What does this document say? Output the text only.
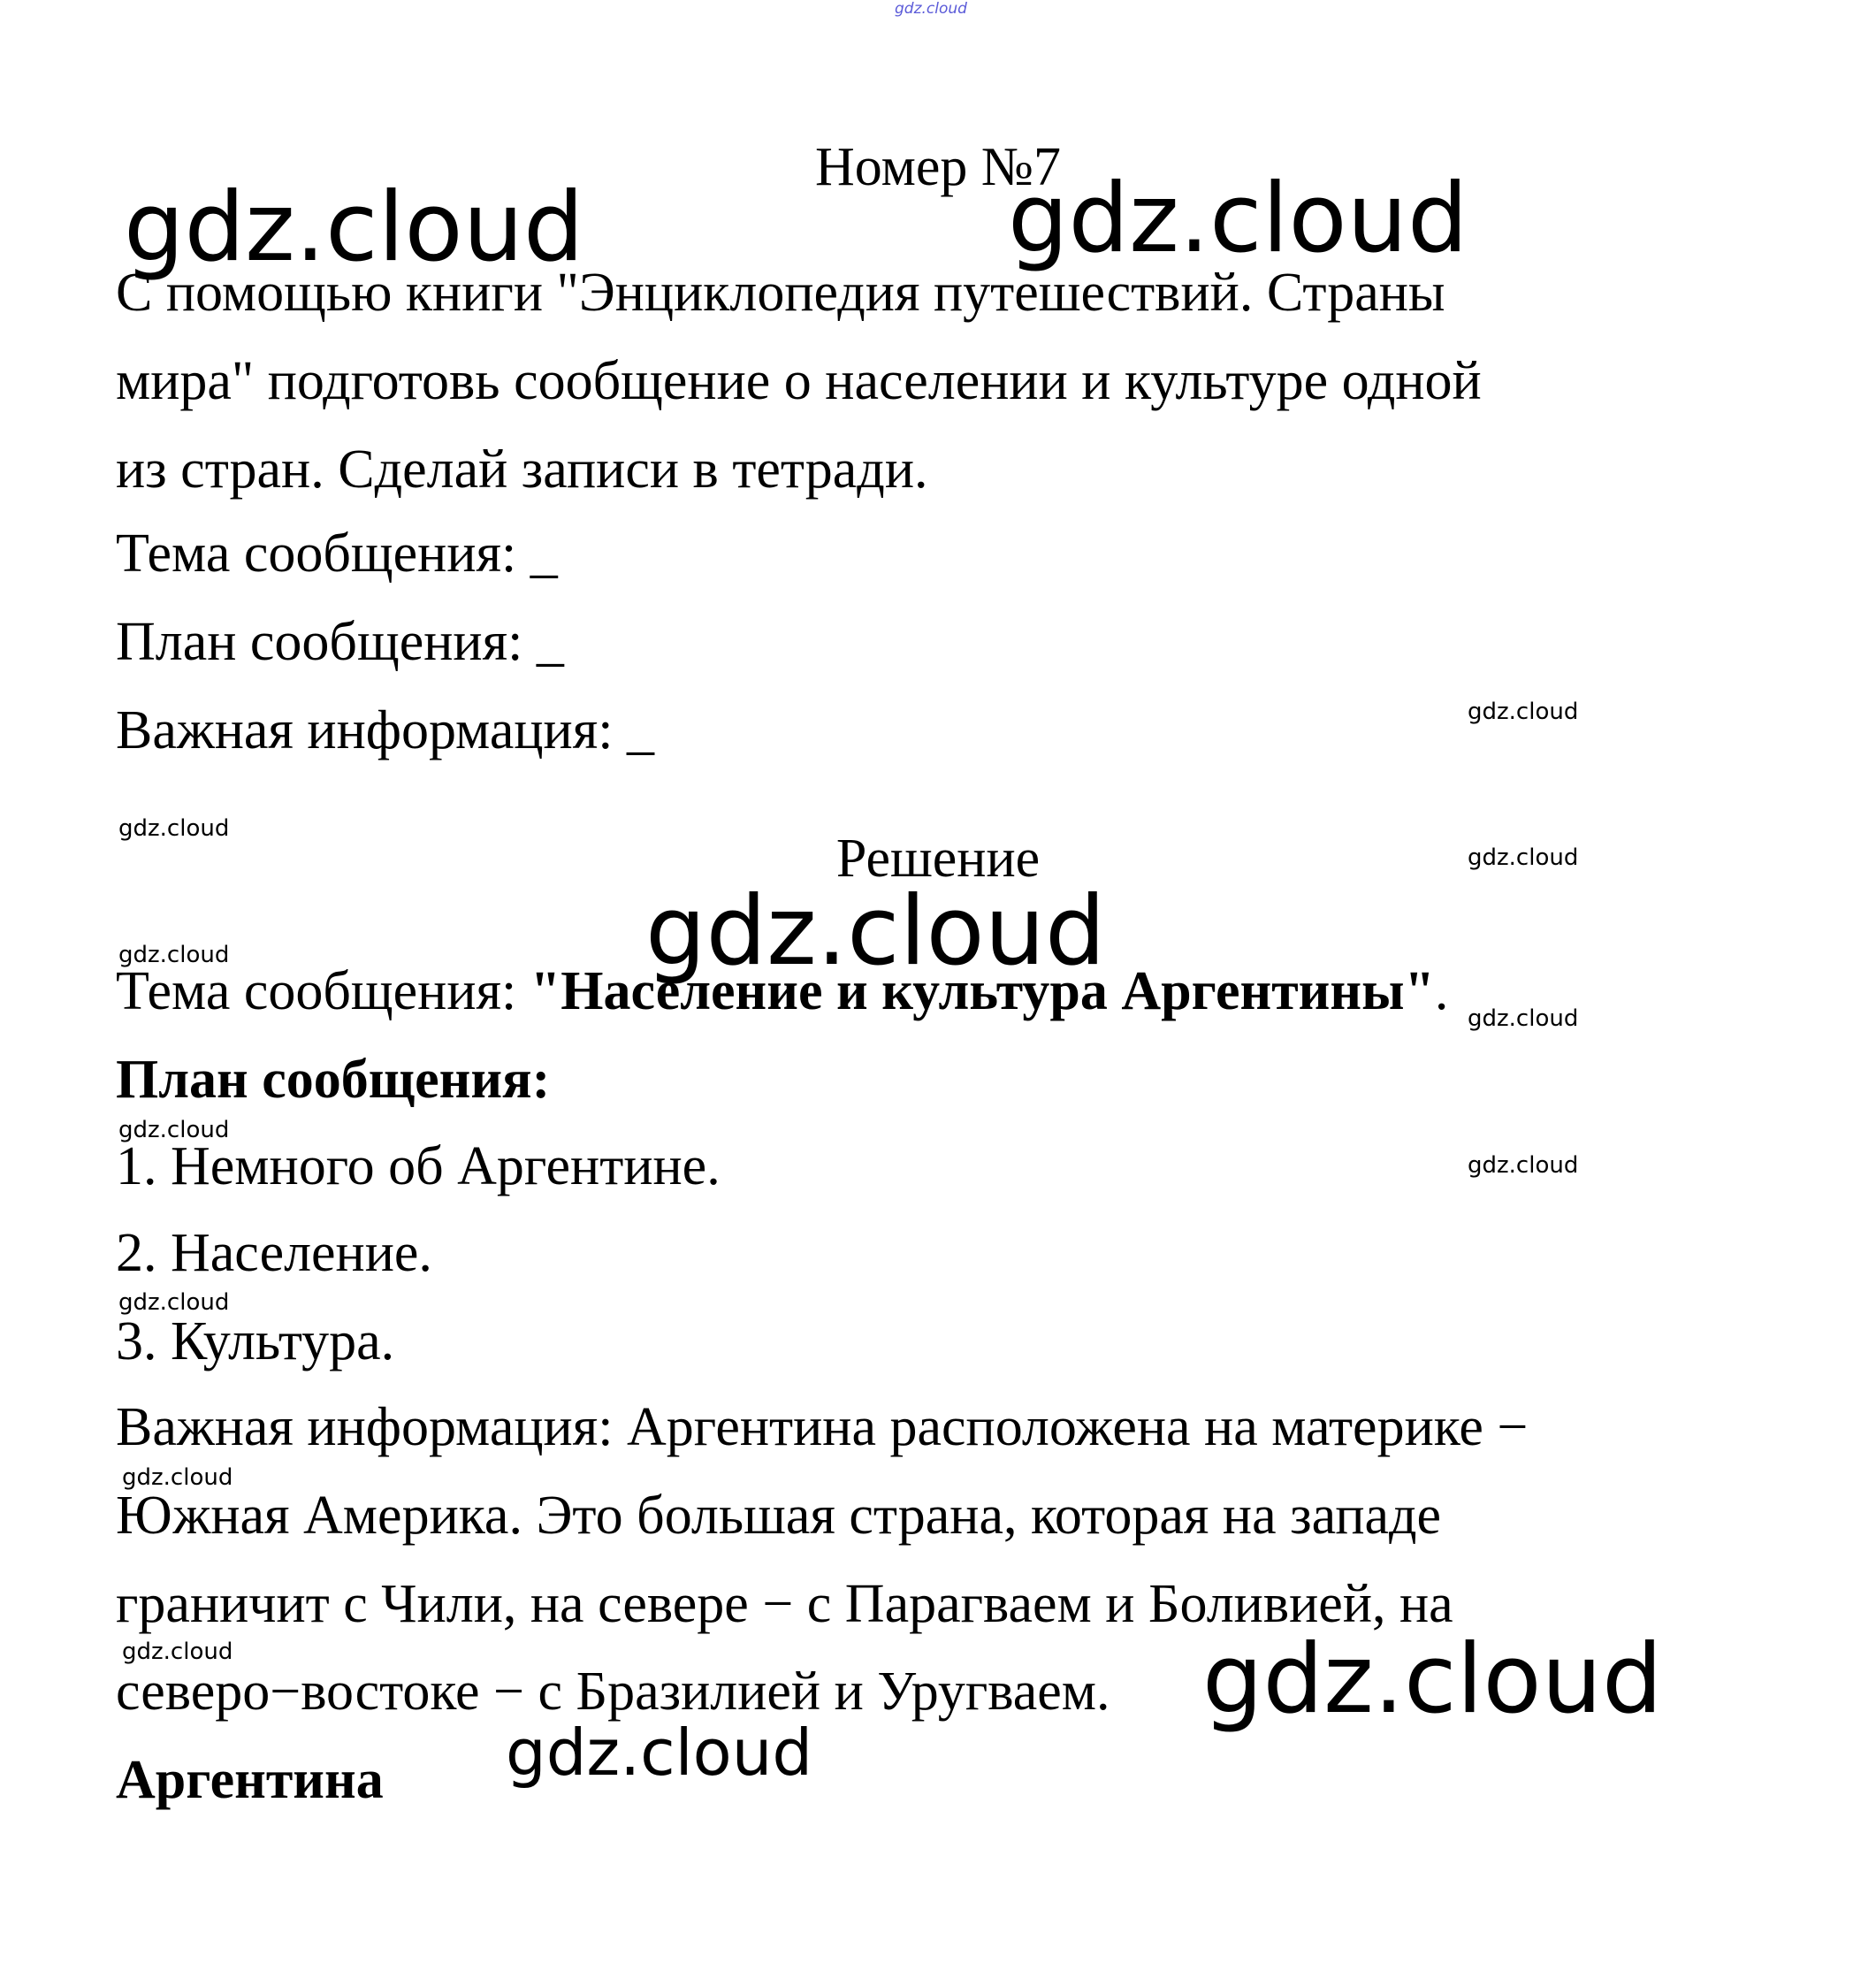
gdz.cloud
Номер №7
gdz.cloud	gdz.cloud
С помощью книги "Энциклопедия путешествий. Страны
мира" подготовь сообщение о населении и культуре одной
из стран. Сделай записи в тетради.
Тема сообщения: _
План сообщения: _
Важная информация: _	gdz.cloud
gdz.cloud	Решение	gdz.cloud
gdz.cloud
gdz.cloud
Тема сообщения: "Население и культура Аргентины". gdz.cloud
План сообщения:
gdz.cloud
1. Немного об Аргентине.	gdz.cloud
2. Население.
gdz.cloud
3. Культура.
Важная информация: Аргентина расположена на материке −
gdz.cloud
Южная Америка. Это большая страна, которая на западе
граничит с Чили, на севере − с Парагваем и Боливией, на
gdz.cloud
северо−востоке − с Бразилией и Уругваем. gdz.cloud
gdz.cloud
Аргентина
